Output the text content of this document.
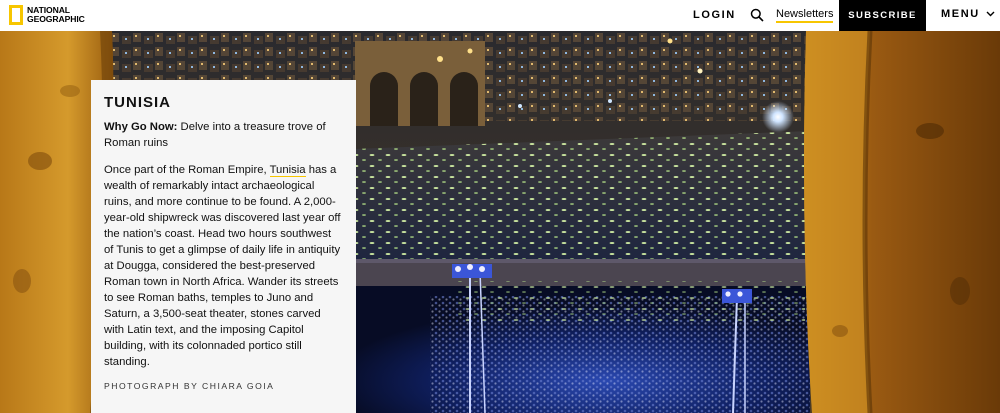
NATIONAL
GEOGRAPHIC	LOGIN	Newsletters	SUBSCRIBE	MENU
TUNISIA

Why Go Now: Delve into a treasure trove of Roman ruins

Once part of the Roman Empire, Tunisia has a wealth of remarkably intact archaeological ruins, and more continue to be found. A 2,000-year-old shipwreck was discovered last year off the nation’s coast. Head two hours southwest of Tunis to get a glimpse of daily life in antiquity at Dougga, considered the best-preserved Roman town in North Africa. Wander its streets to see Roman baths, temples to Juno and Saturn, a 3,500-seat theater, stones carved with Latin text, and the imposing Capitol building, with its colonnaded portico still standing.

PHOTOGRAPH BY CHIARA GOIA
